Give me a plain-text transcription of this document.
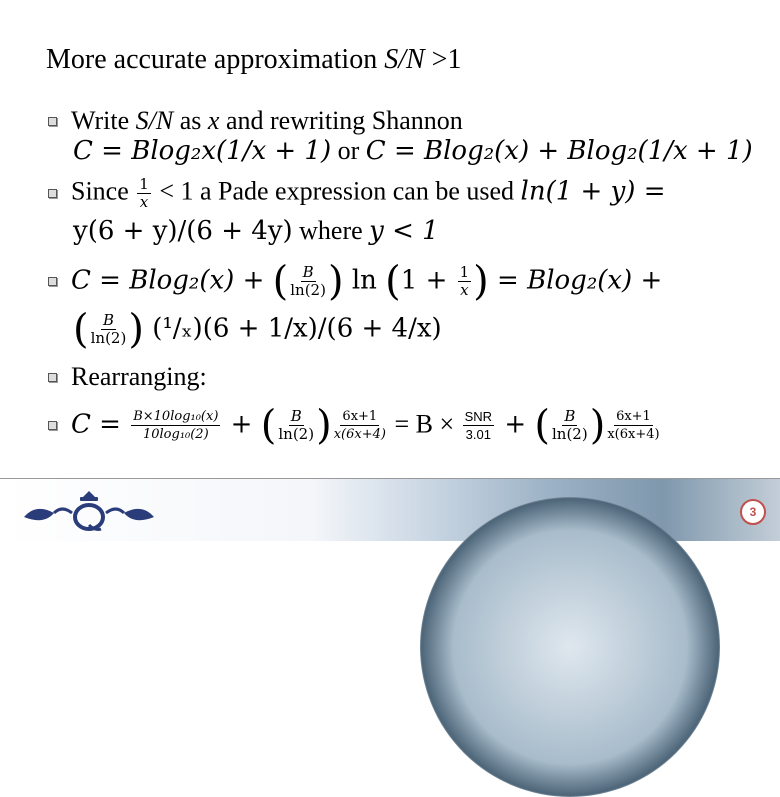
More accurate approximation S/N >1
Write S/N as x and rewriting Shannon
C = Blog₂x(1/x + 1) or C = Blog₂(x) + Blog₂(1/x + 1)
Since $\frac{1}{x} < 1$ a Pade expression can be used ln(1 + y) =
y(6 + y)/(6 + 4y) where y < 1
C = Blog₂(x) + ( $\frac{B}{\ln(2)}$ ) $\ln (1 + \frac{1}{x}$ ) = Blog₂(x) +
( $\frac{B}{\ln(2)}$ ) (¹/ₓ)(6 + 1/x)/(6 + 4/x)
Rearranging:
$C = \frac{\text{B×10log₁₀(x)}}{\text{10log₁₀(2)}}$ + ( $\frac{B}{\ln(2)}$ ) $\frac{6x+1}{x(6x+4)} = B \times \frac{\text{SNR}}{3.01}$ + ( $\frac{B}{\ln(2)}$ ) $\frac{6x+1}{x(6x+4)}$
3
